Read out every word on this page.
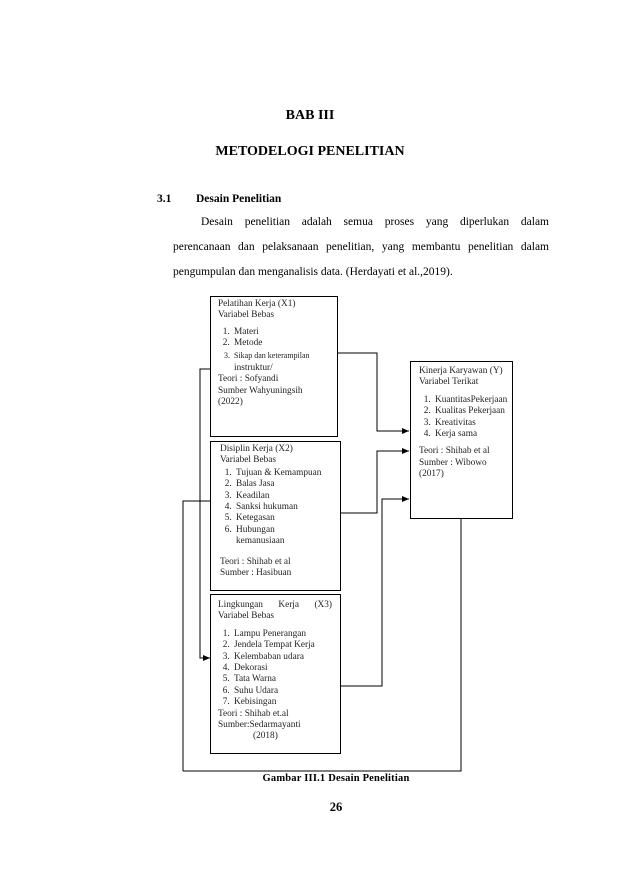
BAB III
METODELOGI PENELITIAN
3.1 Desain Penelitian
Desain penelitian adalah semua proses yang diperlukan dalam
perencanaan dan pelaksanaan penelitian, yang membantu penelitian dalam
pengumpulan dan menganalisis data. (Herdayati et al.,2019).

Pelatihan Kerja (X1)

Variabel Bebas

1. Materi
2. Metode
3. Sikap dan keterampilan

instruktur/

Teori : Sofyandi

Sumber Wahyuningsih

(2022)

Disiplin Kerja (X2)

Variabel Bebas

1. Tujuan & Kemampuan
2. Balas Jasa
3. Keadilan
4. Sanksi hukuman
5. Ketegasan
6. Hubungan

kemanusiaan

Teori : Shihab et al

Sumber : Hasibuan

Lingkungan Kerja (X3)

Variabel Bebas

1. Lampu Penerangan
2. Jendela Tempat Kerja
3. Kelembaban udara
4. Dekorasi
5. Tata Warna
6. Suhu Udara
7. Kebisingan

Teori : Shihab et.al

Sumber:Sedarmayanti

(2018)

Kinerja Karyawan (Y)

Variabel Terikat

1. KuantitasPekerjaan
2. Kualitas Pekerjaan
3. Kreativitas
4. Kerja sama

Teori : Shihab et al

Sumber : Wibowo (2017)

Gambar III.1 Desain Penelitian
26
